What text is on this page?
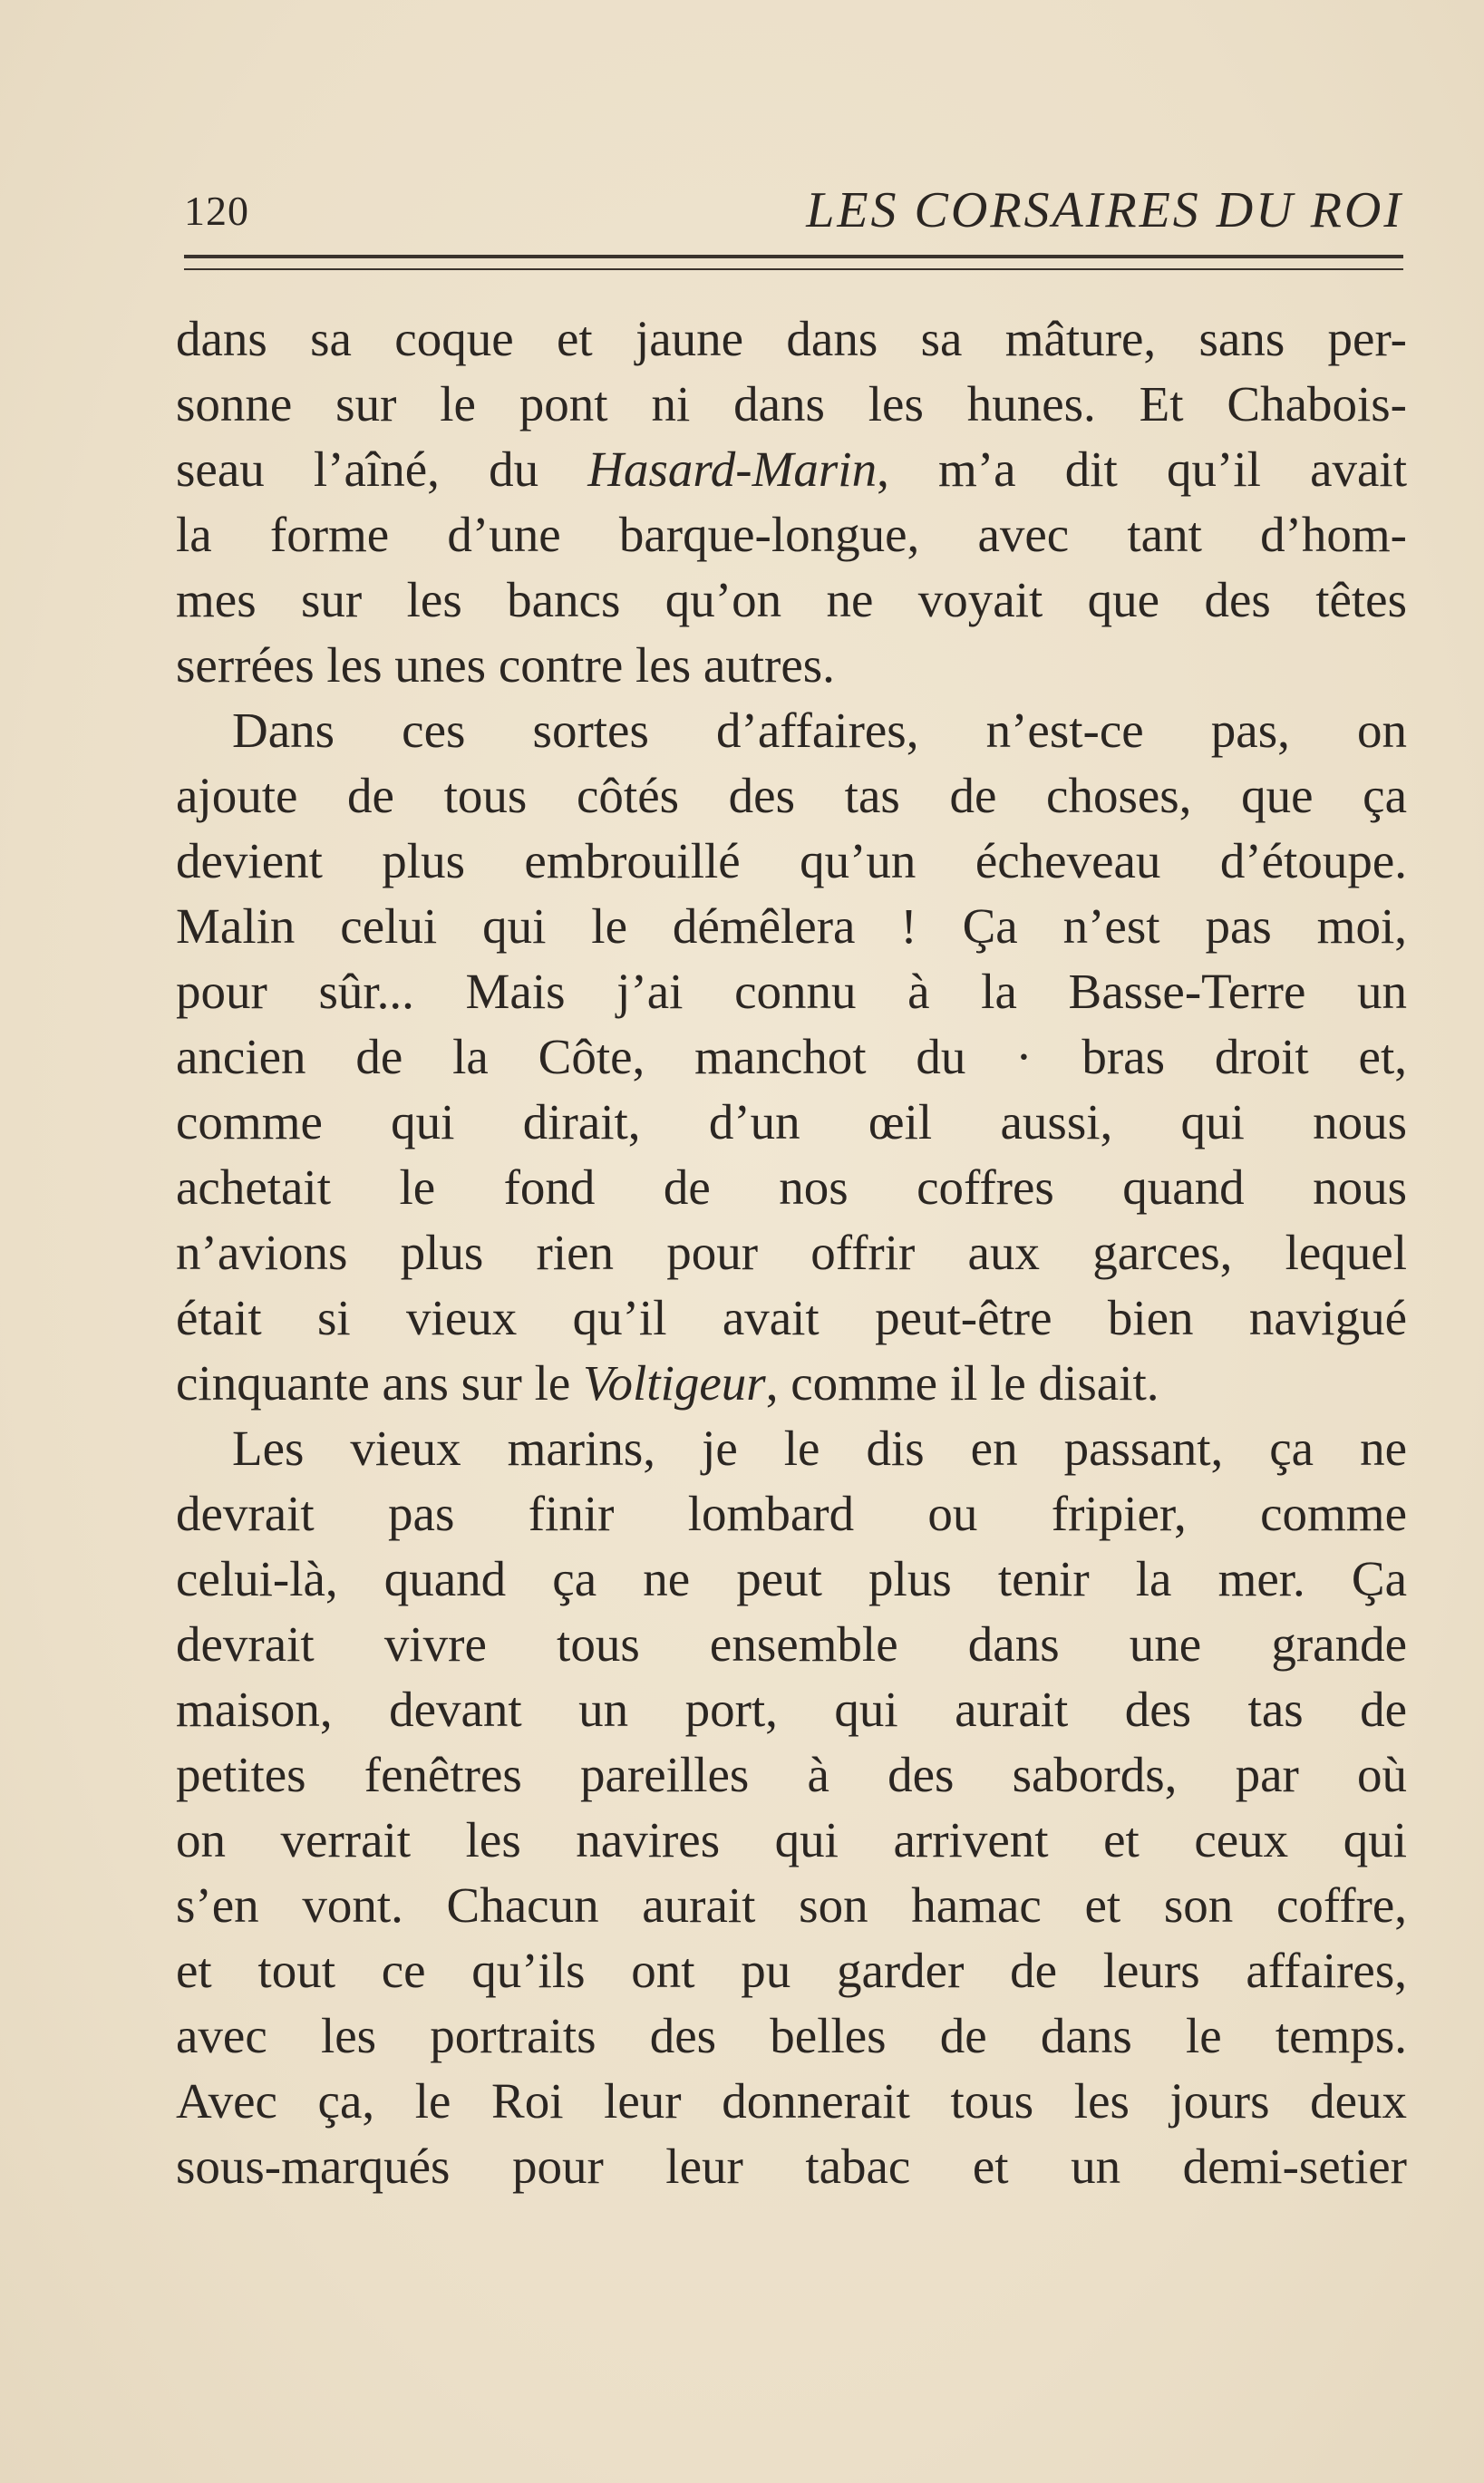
120	LES CORSAIRES DU ROI
dans sa coque et jaune dans sa mâture, sans per-
sonne sur le pont ni dans les hunes. Et Chabois-
seau l’aîné, du Hasard-Marin, m’a dit qu’il avait
la forme d’une barque-longue, avec tant d’hom-
mes sur les bancs qu’on ne voyait que des têtes
serrées les unes contre les autres.
Dans ces sortes d’affaires, n’est-ce pas, on
ajoute de tous côtés des tas de choses, que ça
devient plus embrouillé qu’un écheveau d’étoupe.
Malin celui qui le démêlera ! Ça n’est pas moi,
pour sûr... Mais j’ai connu à la Basse-Terre un
ancien de la Côte, manchot du · bras droit et,
comme qui dirait, d’un œil aussi, qui nous
achetait le fond de nos coffres quand nous
n’avions plus rien pour offrir aux garces, lequel
était si vieux qu’il avait peut-être bien navigué
cinquante ans sur le Voltigeur, comme il le disait.
Les vieux marins, je le dis en passant, ça ne
devrait pas finir lombard ou fripier, comme
celui-là, quand ça ne peut plus tenir la mer. Ça
devrait vivre tous ensemble dans une grande
maison, devant un port, qui aurait des tas de
petites fenêtres pareilles à des sabords, par où
on verrait les navires qui arrivent et ceux qui
s’en vont. Chacun aurait son hamac et son coffre,
et tout ce qu’ils ont pu garder de leurs affaires,
avec les portraits des belles de dans le temps.
Avec ça, le Roi leur donnerait tous les jours deux
sous-marqués pour leur tabac et un demi-setier
